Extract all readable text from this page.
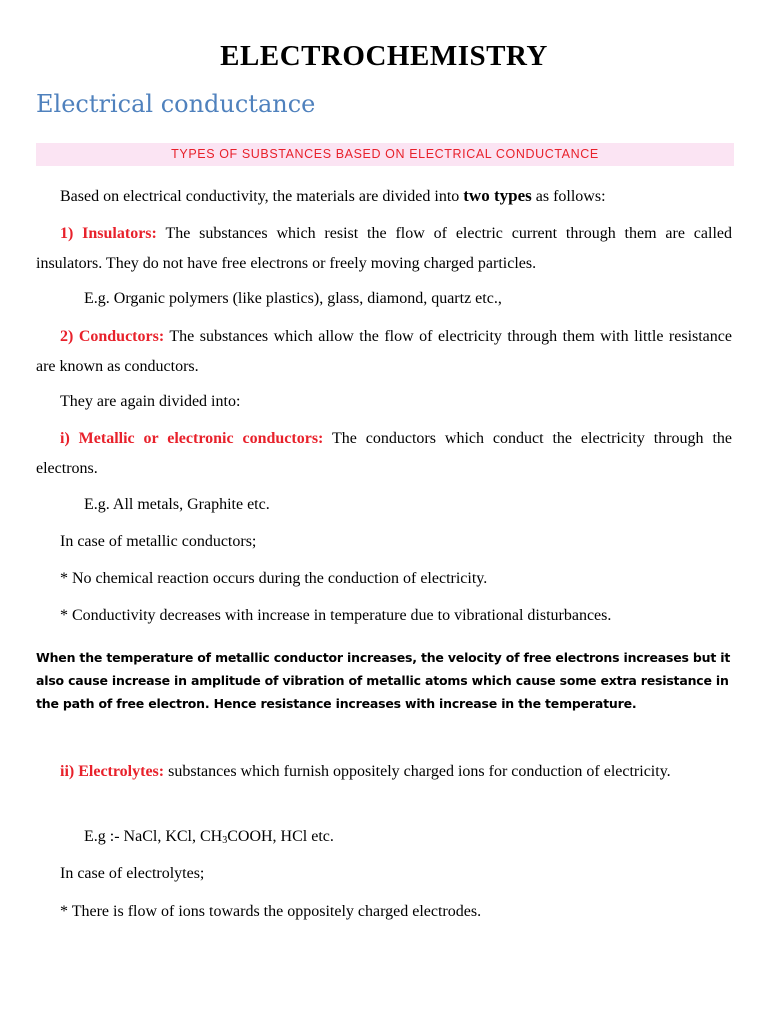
ELECTROCHEMISTRY
Electrical conductance
TYPES OF SUBSTANCES BASED ON ELECTRICAL CONDUCTANCE
Based on electrical conductivity, the materials are divided into two types as follows:
1) Insulators: The substances which resist the flow of electric current through them are called insulators. They do not have free electrons or freely moving charged particles.
E.g. Organic polymers (like plastics), glass, diamond, quartz etc.,
2) Conductors: The substances which allow the flow of electricity through them with little resistance are known as conductors.
They are again divided into:
i) Metallic or electronic conductors: The conductors which conduct the electricity through the electrons.
E.g. All metals, Graphite etc.
In case of metallic conductors;
* No chemical reaction occurs during the conduction of electricity.
* Conductivity decreases with increase in temperature due to vibrational disturbances.
When the temperature of metallic conductor increases, the velocity of free electrons increases but it also cause increase in amplitude of vibration of metallic atoms which cause some extra resistance in the path of free electron. Hence resistance increases with increase in the temperature.
ii) Electrolytes: substances which furnish oppositely charged ions for conduction of electricity.
E.g :- NaCl, KCl, $CH_3COOH$, HCl etc.
In case of electrolytes;
* There is flow of ions towards the oppositely charged electrodes.
